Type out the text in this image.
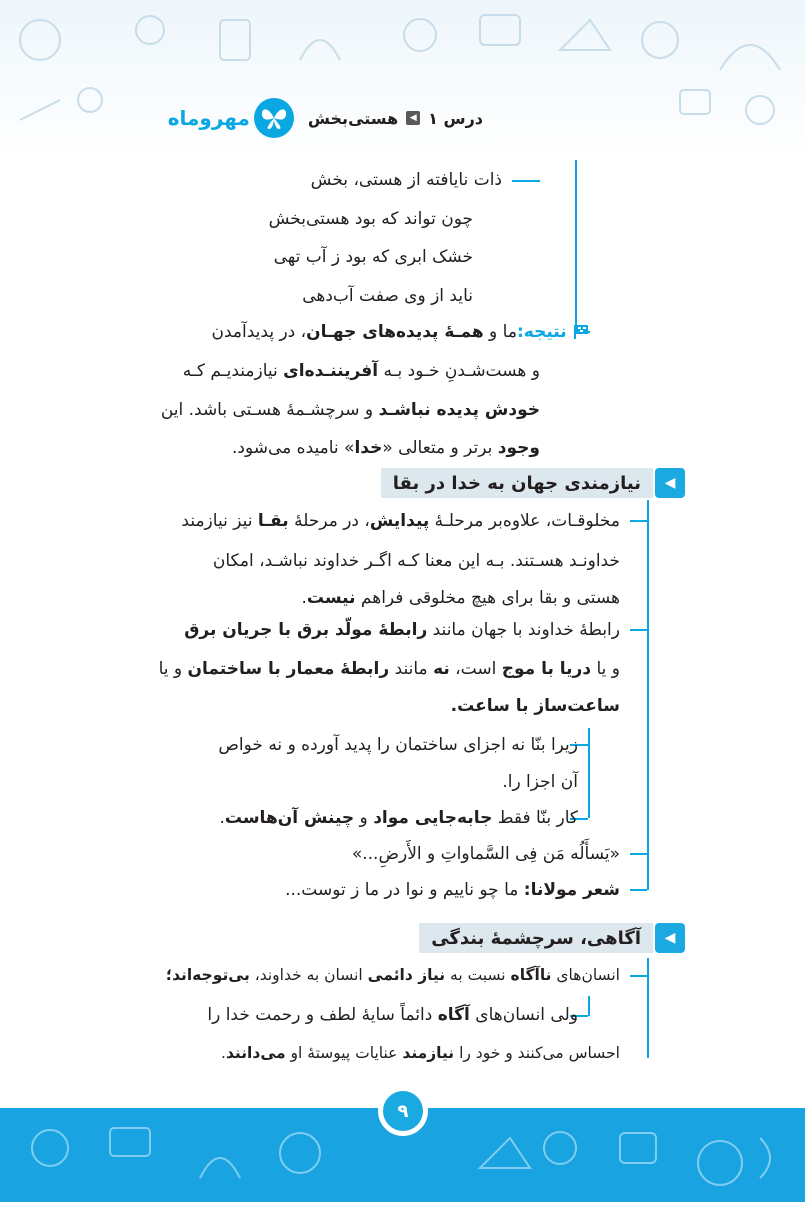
درس ۱
◀
هستی‌بخش
مهروماه
ذات نایافته از هستی، بخش
چون تواند که بود هستی‌بخش
خشک ابری که بود ز آب تهی
ناید از وی صفت آب‌دهی
نتیجه:ما و همـهٔ پدیده‌های جهـان، در پدیدآمدن
و هست‌شـدنِ خـود بـه آفریننـده‌ای نیازمندیـم کـه
خودش پدیده نباشـد و سرچشـمهٔ هسـتی باشد. این
وجود برتر و متعالی «خدا» نامیده می‌شود.
◀
نیازمندی جهان به خدا در بقا
مخلوقـات، علاوه‌بر مرحلـهٔ پیدایش، در مرحلهٔ بقـا نیز نیازمند
خداونـد هسـتند. بـه این معنا کـه اگـر خداوند نباشـد، امکان
هستی و بقا برای هیچ مخلوقی فراهم نیست.
رابطهٔ خداوند با جهان مانند رابطهٔ مولّد برق با جریان برق
و یا دریا با موج است، نه مانند رابطهٔ معمار با ساختمان و یا
ساعت‌ساز با ساعت.
زیرا بنّا نه اجزای ساختمان را پدید آورده و نه خواص
آن اجزا را.
کار بنّا فقط جابه‌جایی مواد و چینش آن‌هاست.
«یَسأَلُه مَن فِی السَّماواتِ و الأَرضِ...»
شعر مولانا: ما چو ناییم و نوا در ما ز توست...
◀
آگاهی، سرچشمهٔ بندگی
انسان‌های ناآگاه نسبت به نیاز دائمی انسان به خداوند، بی‌توجه‌اند؛
ولی انسان‌های آگاه دائماً سایهٔ لطف و رحمت خدا را
احساس می‌کنند و خود را نیازمند عنایات پیوستهٔ او می‌دانند.
۹
